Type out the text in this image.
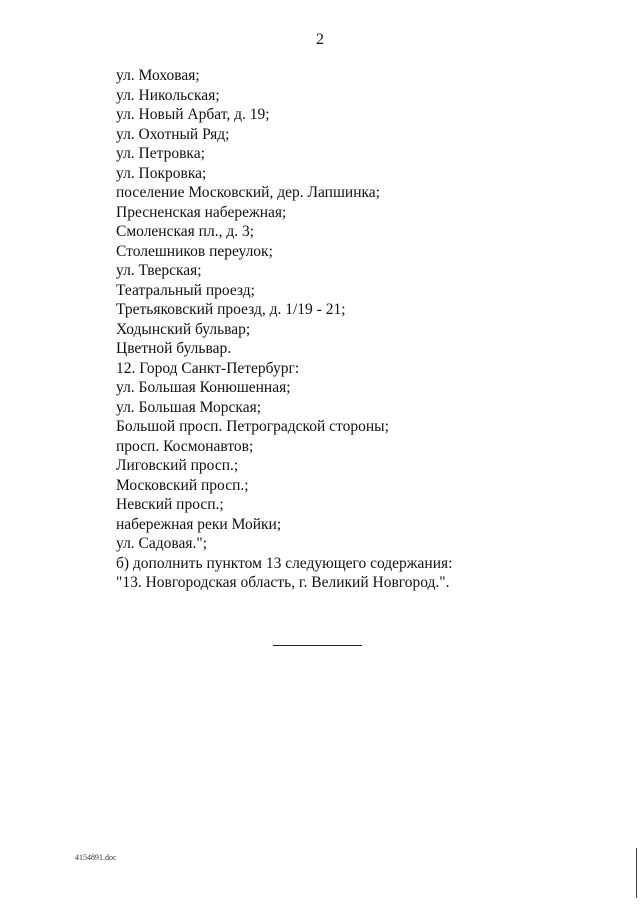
2
ул. Моховая;
ул. Никольская;
ул. Новый Арбат, д. 19;
ул. Охотный Ряд;
ул. Петровка;
ул. Покровка;
поселение Московский, дер. Лапшинка;
Пресненская набережная;
Смоленская пл., д. 3;
Столешников переулок;
ул. Тверская;
Театральный проезд;
Третьяковский проезд, д. 1/19 - 21;
Ходынский бульвар;
Цветной бульвар.
12. Город Санкт-Петербург:
ул. Большая Конюшенная;
ул. Большая Морская;
Большой просп. Петроградской стороны;
просп. Космонавтов;
Лиговский просп.;
Московский просп.;
Невский просп.;
набережная реки Мойки;
ул. Садовая.";
б) дополнить пунктом 13 следующего содержания:
"13. Новгородская область, г. Великий Новгород.".
4154891.doc
